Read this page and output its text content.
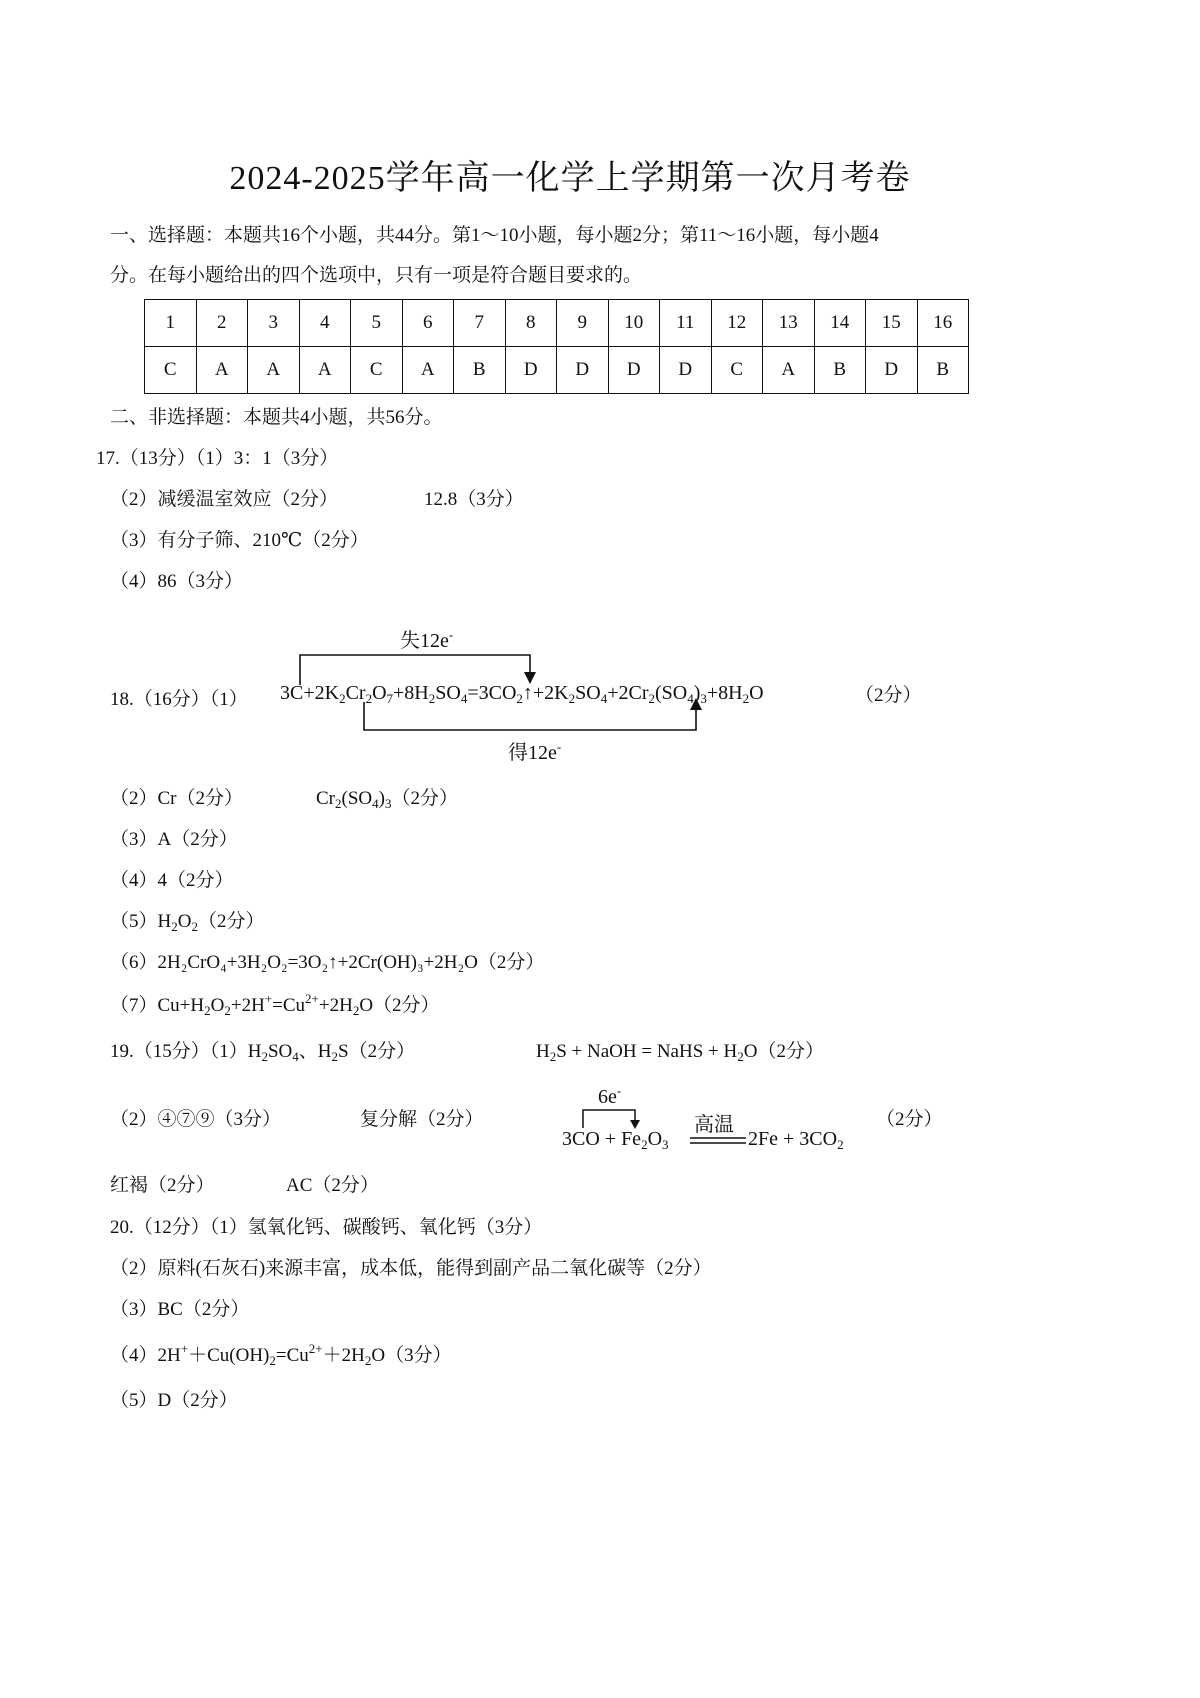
2024-2025学年高一化学上学期第一次月考卷
一、选择题：本题共16个小题，共44分。第1～10小题，每小题2分；第11～16小题，每小题4
分。在每小题给出的四个选项中，只有一项是符合题目要求的。
1	2	3	4	5	6	7	8	9	10	11	12	13	14	15	16
C	A	A	A	C	A	B	D	D	D	D	C	A	B	D	B
二、非选择题：本题共4小题，共56分。
17.（13分）（1）3：1（3分）
（2）减缓温室效应（2分）	12.8（3分）
（3）有分子筛、210℃（2分）
（4）86（3分）
失12e-
得12e-
18.（16分）（1） $3C+2K_2Cr_2O_7+8H_2SO_4=3CO_2↑+2K_2SO_4+2Cr_2(SO_4)_3+8H_2O$	（2分）
（2）Cr（2分）	$Cr_2(SO_4)_3(2$分）
（3）A（2分）
（4）4（2分）
$(5)H_2O_2(2$分）
（6）2H₂CrO₄+3H₂O₂=3O₂↑+2Cr(OH)₃+2H₂O（2分）
$(7)Cu+H_2O_2+2H^+=Cu^{2+}+2H_2O(2$分）
19.（15分）$(1)H_2SO_4$、$H_2S(2$分）	$H_2S$ + NaOH = NaHS + $H_2O(2$分）
（2）④⑦⑨（3分）	复分解（2分）
6e-
高温
$3CO + Fe_2O_3$	$2Fe + 3CO_2$
（2分）
红褐（2分）	AC（2分）
20.（12分）（1）氢氧化钙、碳酸钙、氧化钙（3分）
（2）原料(石灰石)来源丰富，成本低，能得到副产品二氧化碳等（2分）
（3）BC（2分）
$(4)2H^++Cu(OH)_2=Cu^{2+}+2H_2O(3$分）
（5）D（2分）
